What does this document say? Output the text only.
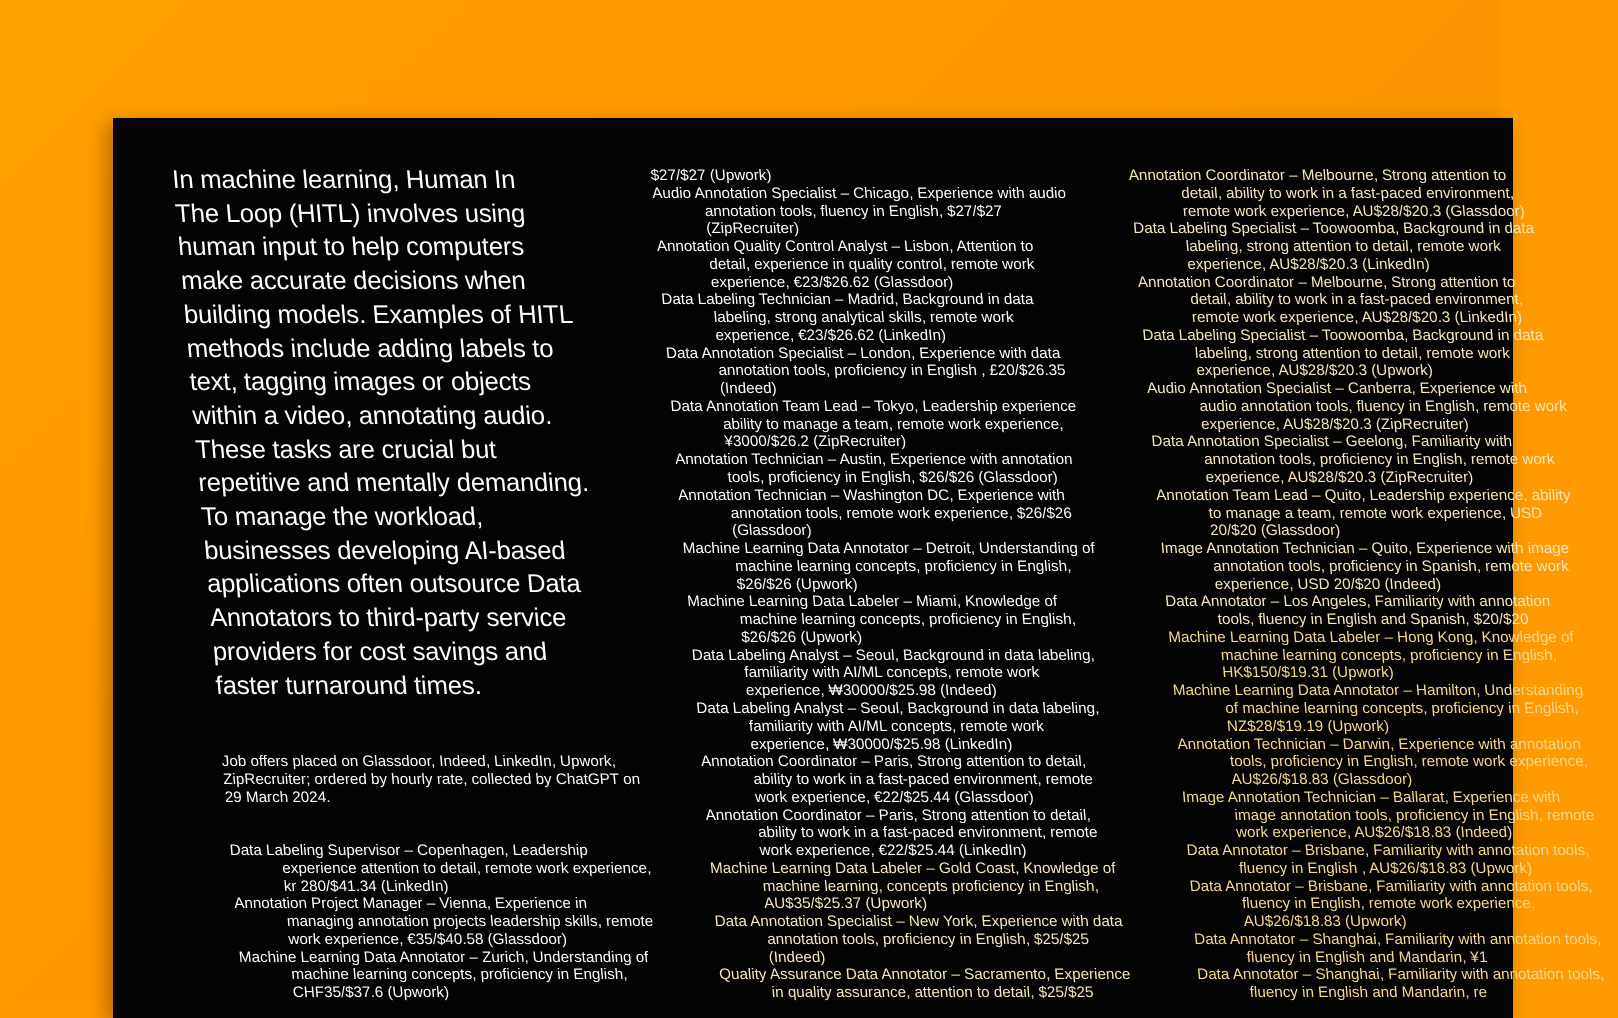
In machine learning, Human In
The Loop (HITL) involves using
human input to help computers
make accurate decisions when
building models. Examples of HITL
methods include adding labels to
text, tagging images or objects
within a video, annotating audio.
These tasks are crucial but
repetitive and mentally demanding.
To manage the workload,
businesses developing AI-based
applications often outsource Data
Annotators to third-party service
providers for cost savings and
faster turnaround times.
Job offers placed on Glassdoor, Indeed, LinkedIn, Upwork,
ZipRecruiter; ordered by hourly rate, collected by ChatGPT on
29 March 2024.
Data Labeling Supervisor – Copenhagen, Leadership
experience attention to detail, remote work experience,
kr 280/$41.34 (LinkedIn)
Annotation Project Manager – Vienna, Experience in
managing annotation projects leadership skills, remote
work experience, €35/$40.58 (Glassdoor)
Machine Learning Data Annotator – Zurich, Understanding of
machine learning concepts, proficiency in English,
CHF35/$37.6 (Upwork)
$27/$27 (Upwork)
Audio Annotation Specialist – Chicago, Experience with audio
annotation tools, fluency in English, $27/$27
(ZipRecruiter)
Annotation Quality Control Analyst – Lisbon, Attention to
detail, experience in quality control, remote work
experience, €23/$26.62 (Glassdoor)
Data Labeling Technician – Madrid, Background in data
labeling, strong analytical skills, remote work
experience, €23/$26.62 (LinkedIn)
Data Annotation Specialist – London, Experience with data
annotation tools, proficiency in English , £20/$26.35
(Indeed)
Data Annotation Team Lead – Tokyo, Leadership experience
ability to manage a team, remote work experience,
¥3000/$26.2 (ZipRecruiter)
Annotation Technician – Austin, Experience with annotation
tools, proficiency in English, $26/$26 (Glassdoor)
Annotation Technician – Washington DC, Experience with
annotation tools, remote work experience, $26/$26
(Glassdoor)
Machine Learning Data Annotator – Detroit, Understanding of
machine learning concepts, proficiency in English,
$26/$26 (Upwork)
Machine Learning Data Labeler – Miami, Knowledge of
machine learning concepts, proficiency in English,
$26/$26 (Upwork)
Data Labeling Analyst – Seoul, Background in data labeling,
familiarity with AI/ML concepts, remote work
experience, ₩30000/$25.98 (Indeed)
Data Labeling Analyst – Seoul, Background in data labeling,
familiarity with AI/ML concepts, remote work
experience, ₩30000/$25.98 (LinkedIn)
Annotation Coordinator – Paris, Strong attention to detail,
ability to work in a fast-paced environment, remote
work experience, €22/$25.44 (Glassdoor)
Annotation Coordinator – Paris, Strong attention to detail,
ability to work in a fast-paced environment, remote
work experience, €22/$25.44 (LinkedIn)
Machine Learning Data Labeler – Gold Coast, Knowledge of
machine learning, concepts proficiency in English,
AU$35/$25.37 (Upwork)
Data Annotation Specialist – New York, Experience with data
annotation tools, proficiency in English, $25/$25
(Indeed)
Quality Assurance Data Annotator – Sacramento, Experience
in quality assurance, attention to detail, $25/$25
Annotation Coordinator – Melbourne, Strong attention to
detail, ability to work in a fast-paced environment,
remote work experience, AU$28/$20.3 (Glassdoor)
Data Labeling Specialist – Toowoomba, Background in data
labeling, strong attention to detail, remote work
experience, AU$28/$20.3 (LinkedIn)
Annotation Coordinator – Melbourne, Strong attention to
detail, ability to work in a fast-paced environment,
remote work experience, AU$28/$20.3 (LinkedIn)
Data Labeling Specialist – Toowoomba, Background in data
labeling, strong attention to detail, remote work
experience, AU$28/$20.3 (Upwork)
Audio Annotation Specialist – Canberra, Experience with
audio annotation tools, fluency in English, remote work
experience, AU$28/$20.3 (ZipRecruiter)
Data Annotation Specialist – Geelong, Familiarity with
annotation tools, proficiency in English, remote work
experience, AU$28/$20.3 (ZipRecruiter)
Annotation Team Lead – Quito, Leadership experience, ability
to manage a team, remote work experience, USD
20/$20 (Glassdoor)
Image Annotation Technician – Quito, Experience with image
annotation tools, proficiency in Spanish, remote work
experience, USD 20/$20 (Indeed)
Data Annotator – Los Angeles, Familiarity with annotation
tools, fluency in English and Spanish, $20/$20
Machine Learning Data Labeler – Hong Kong, Knowledge of
machine learning concepts, proficiency in English,
HK$150/$19.31 (Upwork)
Machine Learning Data Annotator – Hamilton, Understanding
of machine learning concepts, proficiency in English,
NZ$28/$19.19 (Upwork)
Annotation Technician – Darwin, Experience with annotation
tools, proficiency in English, remote work experience,
AU$26/$18.83 (Glassdoor)
Image Annotation Technician – Ballarat, Experience with
image annotation tools, proficiency in English, remote
work experience, AU$26/$18.83 (Indeed)
Data Annotator – Brisbane, Familiarity with annotation tools,
fluency in English , AU$26/$18.83 (Upwork)
Data Annotator – Brisbane, Familiarity with annotation tools,
fluency in English, remote work experience,
AU$26/$18.83 (Upwork)
Data Annotator – Shanghai, Familiarity with annotation tools,
fluency in English and Mandarin, ¥1
Data Annotator – Shanghai, Familiarity with annotation tools,
fluency in English and Mandarin, re
